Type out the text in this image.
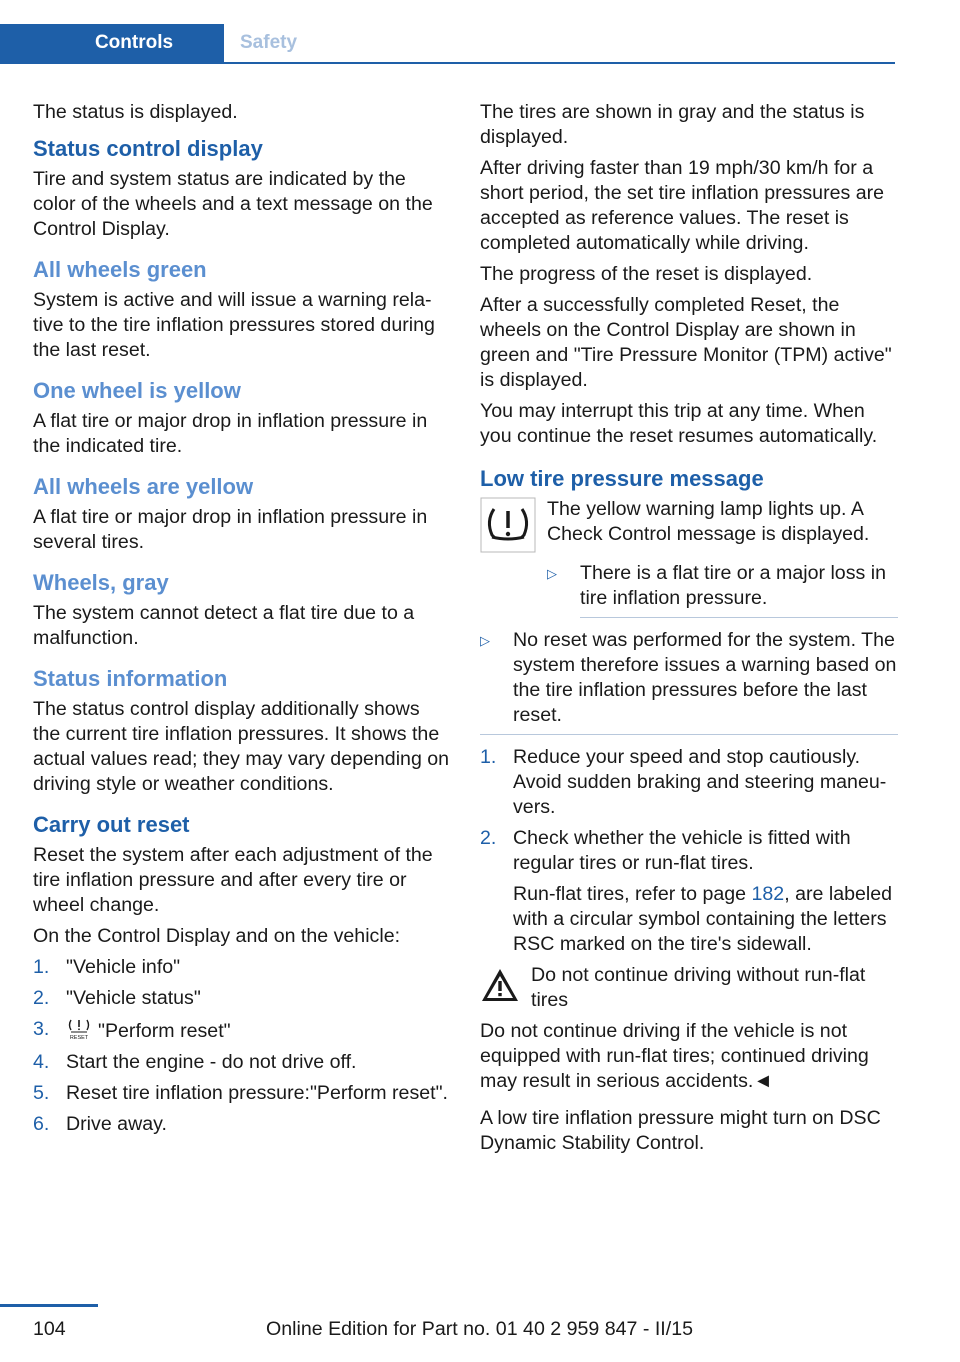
Controls	Safety

The status is displayed.

Status control display

Tire and system status are indicated by the color of the wheels and a text message on the Control Display.

All wheels green

System is active and will issue a warning relative to the tire inflation pressures stored during the last reset.

One wheel is yellow

A flat tire or major drop in inflation pressure in the indicated tire.

All wheels are yellow

A flat tire or major drop in inflation pressure in several tires.

Wheels, gray

The system cannot detect a flat tire due to a malfunction.

Status information

The status control display additionally shows the current tire inflation pressures. It shows the actual values read; they may vary depending on driving style or weather conditions.

Carry out reset

Reset the system after each adjustment of the tire inflation pressure and after every tire or wheel change.

On the Control Display and on the vehicle:

1. "Vehicle info"
2. "Vehicle status"
3.	RESET "Perform reset"
4. Start the engine - do not drive off.
5. Reset tire inflation pressure:"Perform reset".
6. Drive away.

The tires are shown in gray and the status is displayed.

After driving faster than 19 mph/30 km/h for a short period, the set tire inflation pressures are accepted as reference values. The reset is completed automatically while driving.

The progress of the reset is displayed.

After a successfully completed Reset, the wheels on the Control Display are shown in green and "Tire Pressure Monitor (TPM) active" is displayed.

You may interrupt this trip at any time. When you continue the reset resumes automatically.

Low tire pressure message

The yellow warning lamp lights up. A Check Control message is displayed.

▷ There is a flat tire or a major loss in tire inflation pressure.
▷ No reset was performed for the system. The system therefore issues a warning based on the tire inflation pressures before the last reset.
1. Reduce your speed and stop cautiously. Avoid sudden braking and steering maneuvers.
2. Check whether the vehicle is fitted with regular tires or run-flat tires.

Run-flat tires, refer to page 182, are labeled with a circular symbol containing the letters RSC marked on the tire's sidewall.

Do not continue driving without run-flat tires

Do not continue driving if the vehicle is not equipped with run-flat tires; continued driving may result in serious accidents.◄

A low tire inflation pressure might turn on DSC Dynamic Stability Control.

104	Online Edition for Part no. 01 40 2 959 847 - II/15
